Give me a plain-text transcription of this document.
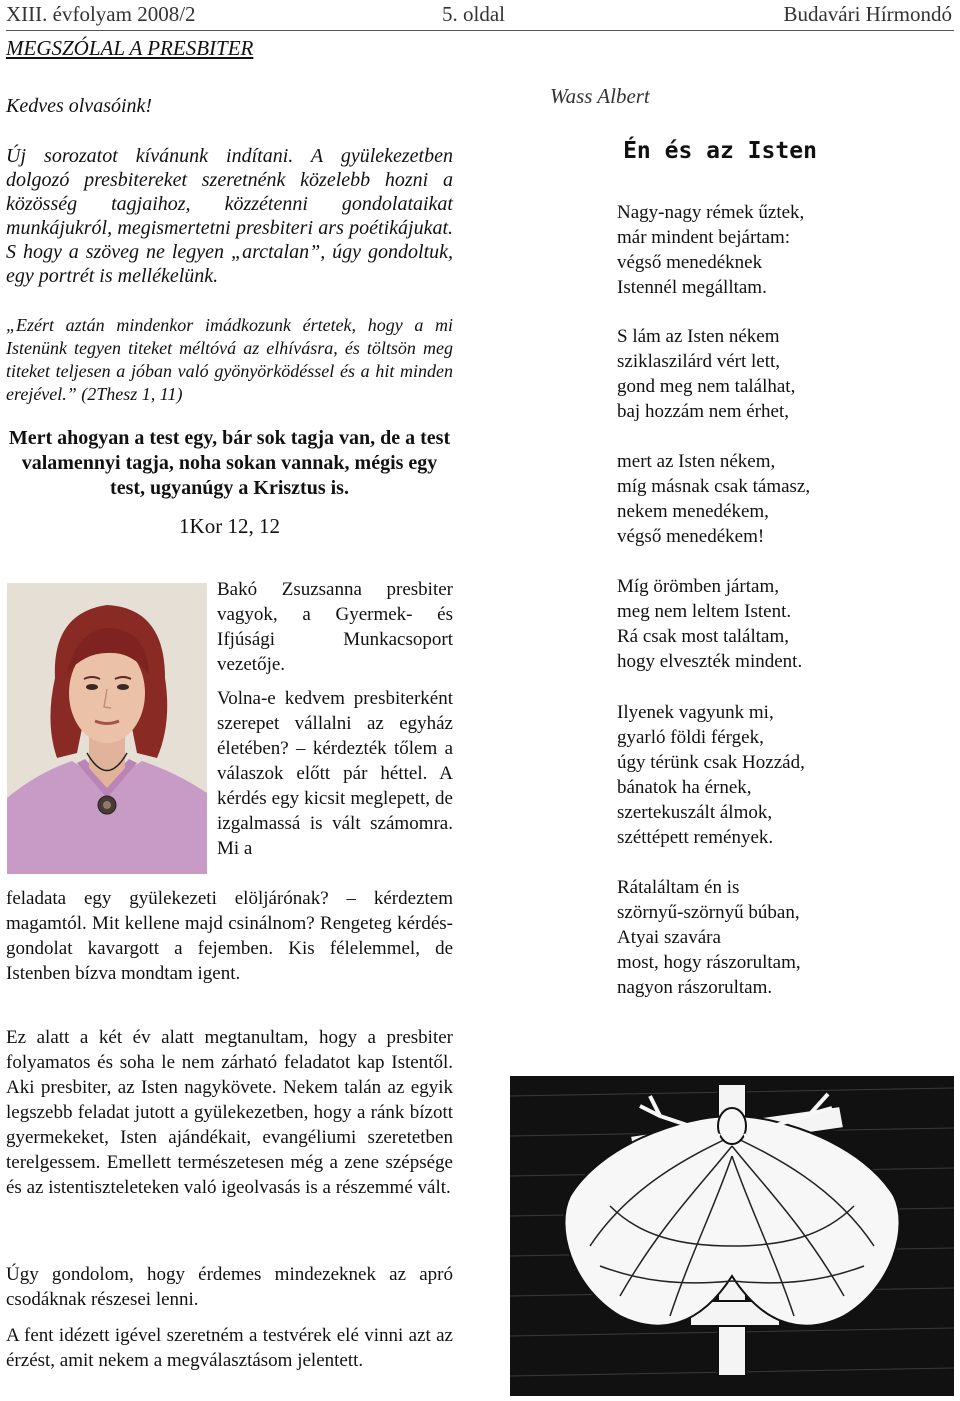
XIII. évfolyam 2008/2	5. oldal	Budavári Hírmondó

MEGSZÓLAL A PRESBITER

Kedves olvasóink!

Új sorozatot kívánunk indítani. A gyülekezetben dolgozó presbitereket szeretnénk közelebb hozni a közösség tagjaihoz, közzétenni gondolataikat munkájukról, megismertetni presbiteri ars poétikájukat. S hogy a szöveg ne legyen „arctalan”, úgy gondoltuk, egy portrét is mellékelünk.

„Ezért aztán mindenkor imádkozunk értetek, hogy a mi Istenünk tegyen titeket méltóvá az elhívásra, és töltsön meg titeket teljesen a jóban való gyönyörködéssel és a hit minden erejével.” (2Thesz 1, 11)

Mert ahogyan a test egy, bár sok tagja van, de a test valamennyi tagja, noha sokan vannak, mégis egy test, ugyanúgy a Krisztus is.

1Kor 12, 12

Bakó Zsuzsanna presbiter vagyok, a Gyermek- és Ifjúsági Munkacsoport vezetője.

Volna-e kedvem presbiterként szerepet vállalni az egyház életében? – kérdezték tőlem a válaszok előtt pár héttel. A kérdés egy kicsit meglepett, de izgalmassá is vált számomra. Mi a

feladata egy gyülekezeti elöljárónak? – kérdeztem magamtól. Mit kellene majd csinálnom? Rengeteg kérdés-gondolat kavargott a fejemben. Kis félelemmel, de Istenben bízva mondtam igent.

Ez alatt a két év alatt megtanultam, hogy a presbiter folyamatos és soha le nem zárható feladatot kap Istentől. Aki presbiter, az Isten nagykövete. Nekem talán az egyik legszebb feladat jutott a gyülekezetben, hogy a ránk bízott gyermekeket, Isten ajándékait, evangéliumi szeretetben terelgessem. Emellett természetesen még a zene szépsége és az istentiszteleteken való igeolvasás is a részemmé vált.

Úgy gondolom, hogy érdemes mindezeknek az apró csodáknak részesei lenni.

A fent idézett igével szeretném a testvérek elé vinni azt az érzést, amit nekem a megválasztásom jelentett.

Wass Albert

Én és az Isten

Nagy-nagy rémek űztek,
már mindent bejártam:
végső menedéknek
Istennél megálltam.
S lám az Isten nékem
sziklaszilárd vért lett,
gond meg nem találhat,
baj hozzám nem érhet,
mert az Isten nékem,
míg másnak csak támasz,
nekem menedékem,
végső menedékem!
Míg örömben jártam,
meg nem leltem Istent.
Rá csak most találtam,
hogy elveszték mindent.
Ilyenek vagyunk mi,
gyarló földi férgek,
úgy térünk csak Hozzád,
bánatok ha érnek,
szertekuszált álmok,
széttépett remények.
Rátaláltam én is
szörnyű-szörnyű búban,
Atyai szavára
most, hogy rászorultam,
nagyon rászorultam.
